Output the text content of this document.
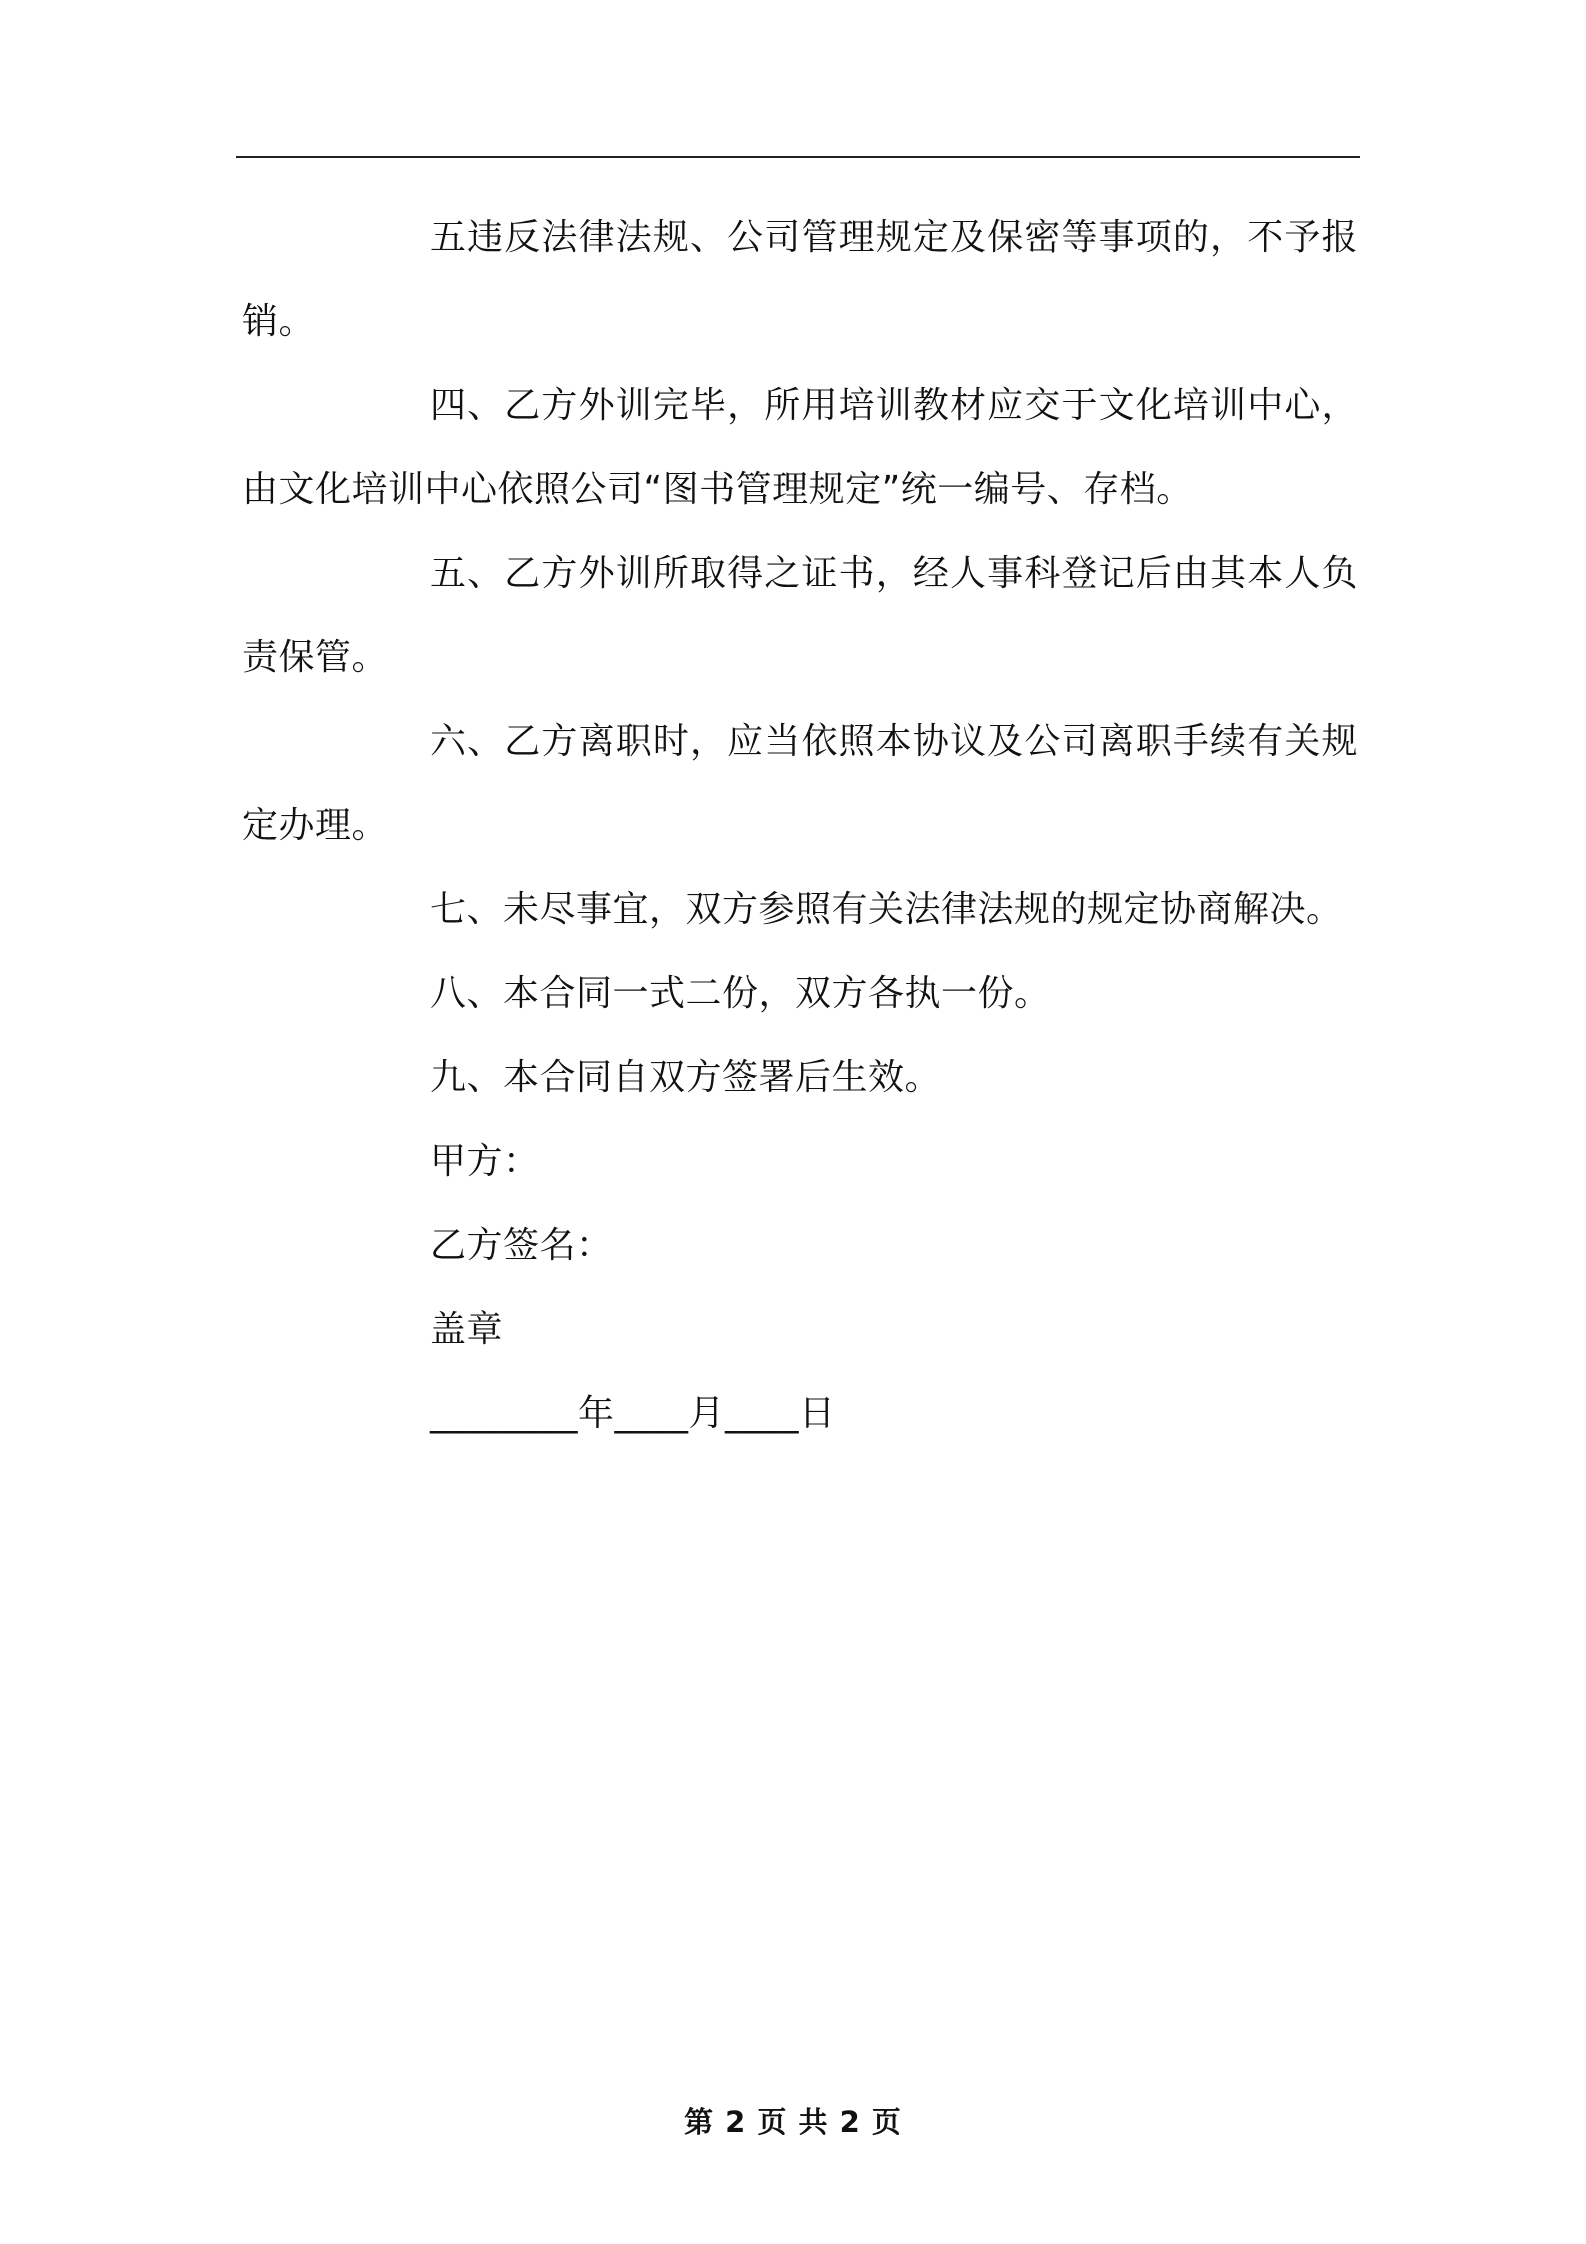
五违反法律法规、公司管理规定及保密等事项的，不予报销。

四、乙方外训完毕，所用培训教材应交于文化培训中心，由文化培训中心依照公司“图书管理规定”统一编号、存档。

五、乙方外训所取得之证书，经人事科登记后由其本人负责保管。

六、乙方离职时，应当依照本协议及公司离职手续有关规定办理。

七、未尽事宜，双方参照有关法律法规的规定协商解决。

八、本合同一式二份，双方各执一份。

九、本合同自双方签署后生效。

甲方：

乙方签名：

盖章

________年____月____日

第 2 页 共 2 页
